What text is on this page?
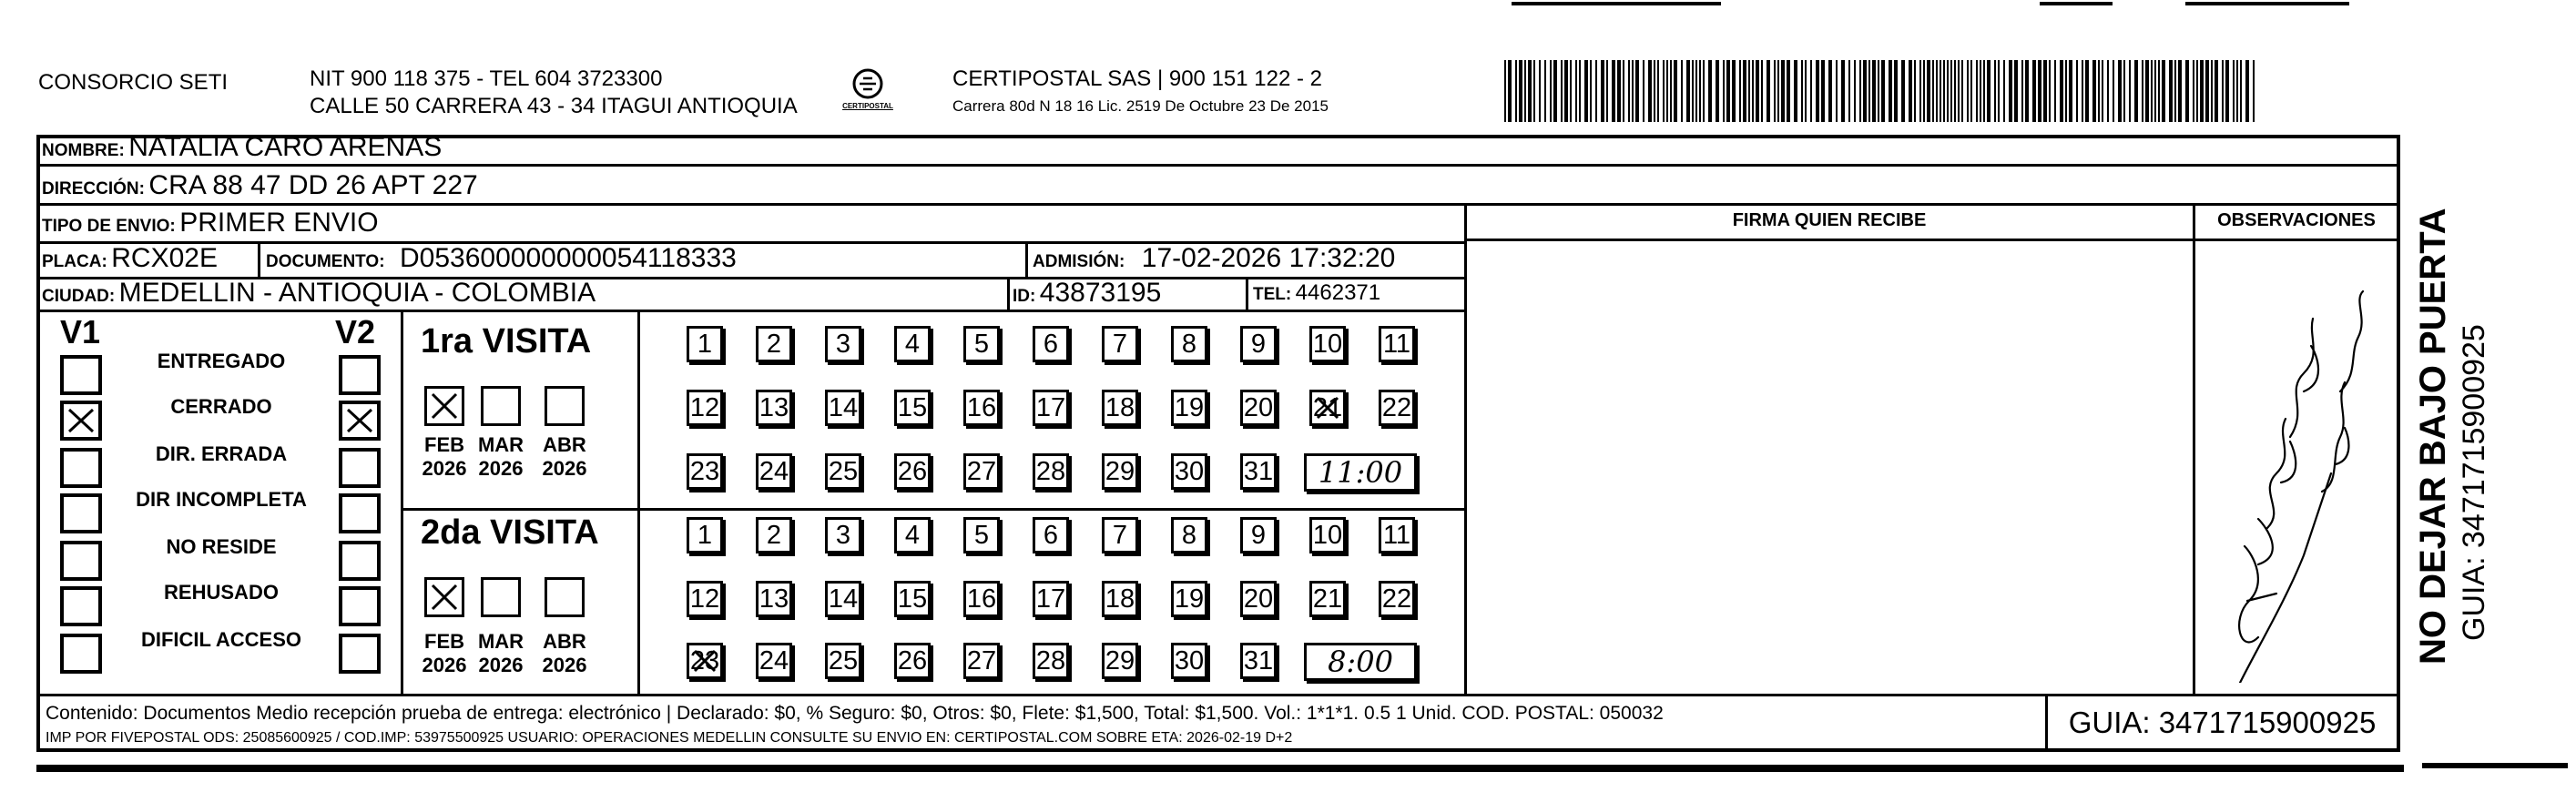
CONSORCIO SETI	NIT 900 118 375 - TEL 604 3723300
CALLE 50 CARRERA 43 - 34 ITAGUI ANTIOQUIA	CERTIPOSTAL
CERTIPOSTAL SAS | 900 151 122 - 2
Carrera 80d N 18 16 Lic. 2519 De Octubre 23 De 2015
NOMBRE: NATALIA CARO ARENAS
DIRECCIÓN: CRA 88 47 DD 26 APT 227
TIPO DE ENVIO: PRIMER ENVIO	FIRMA QUIEN RECIBE	OBSERVACIONES
PLACA: RCX02E	DOCUMENTO: D053600000000054118333	ADMISIÓN: 17-02-2026 17:32:20
CIUDAD: MEDELLIN - ANTIOQUIA - COLOMBIA	ID: 43873195	TEL: 4462371
V1	V2
ENTREGADO
CERRADO
DIR. ERRADA
DIR INCOMPLETA
NO RESIDE
REHUSADO
DIFICIL ACCESO
1ra VISITA
2da VISITA
FEB
2026
MAR
2026
ABR
2026
1	2	3	4	5	6	7	8	9	10 11
12 13 14 15 16 17 18 19 20 21 22
23 24 25 26 27 28 29 30 31	11:00
FEB
2026
MAR
2026
ABR
2026
1	2	3	4	5	6	7	8	9	10 11
12 13 14 15 16 17 18 19 20 21 22
23 24 25 26 27 28 29 30 31	8:00
Contenido: Documentos Medio recepción prueba de entrega: electrónico | Declarado: $0, % Seguro: $0, Otros: $0, Flete: $1,500, Total: $1,500. Vol.: 1*1*1. 0.5 1 Unid. COD. POSTAL: 050032
IMP POR FIVEPOSTAL ODS: 25085600925 / COD.IMP: 53975500925 USUARIO: OPERACIONES MEDELLIN CONSULTE SU ENVIO EN: CERTIPOSTAL.COM SOBRE ETA: 2026-02-19 D+2	GUIA: 3471715900925
NO DEJAR BAJO PUERTA GUIA: 3471715900925
